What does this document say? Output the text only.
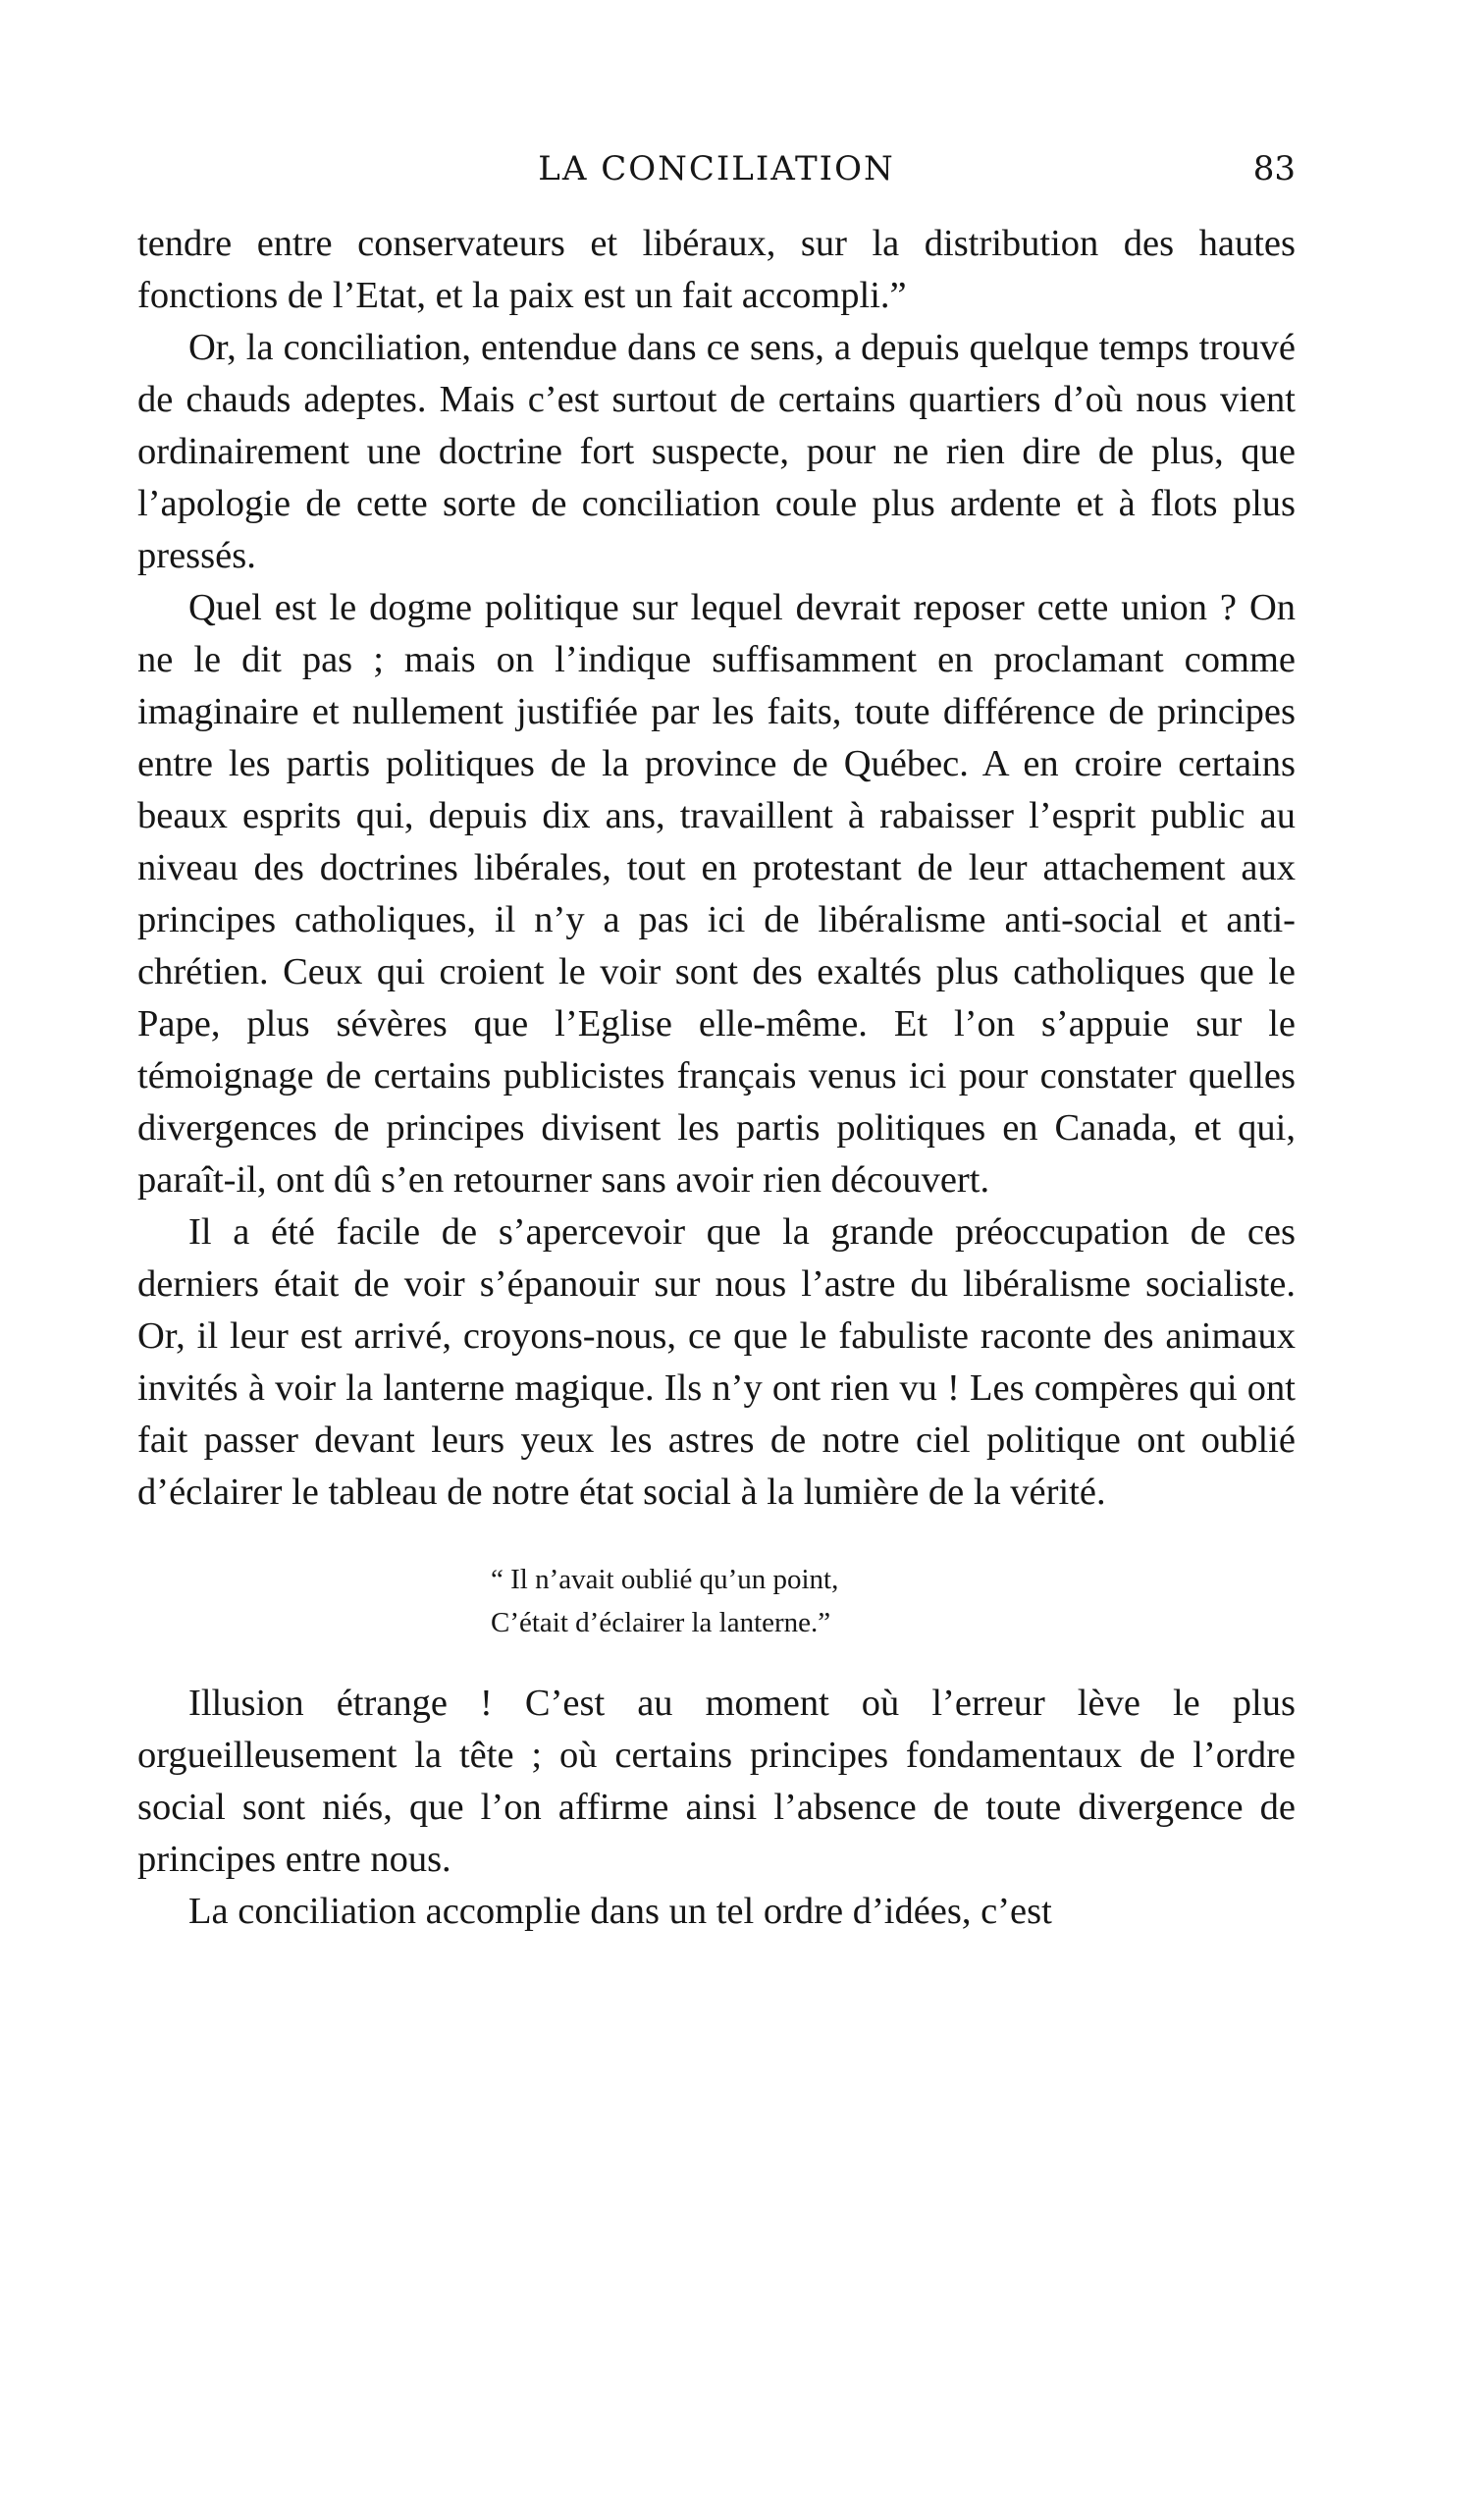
LA CONCILIATION	83

tendre entre conservateurs et libéraux, sur la distribution des hautes fonctions de l’Etat, et la paix est un fait accompli.”

Or, la conciliation, entendue dans ce sens, a depuis quelque temps trouvé de chauds adeptes. Mais c’est surtout de certains quartiers d’où nous vient ordinairement une doctrine fort suspecte, pour ne rien dire de plus, que l’apologie de cette sorte de conciliation coule plus ardente et à flots plus pressés.

Quel est le dogme politique sur lequel devrait reposer cette union ? On ne le dit pas ; mais on l’indique suffisamment en proclamant comme imaginaire et nullement justifiée par les faits, toute différence de principes entre les partis politiques de la province de Québec. A en croire certains beaux esprits qui, depuis dix ans, travaillent à rabaisser l’esprit public au niveau des doctrines libérales, tout en protestant de leur attachement aux principes catholiques, il n’y a pas ici de libéralisme anti-social et anti-chrétien. Ceux qui croient le voir sont des exaltés plus catholiques que le Pape, plus sévères que l’Eglise elle-même. Et l’on s’appuie sur le témoignage de certains publicistes français venus ici pour constater quelles divergences de principes divisent les partis politiques en Canada, et qui, paraît-il, ont dû s’en retourner sans avoir rien découvert.

Il a été facile de s’apercevoir que la grande préoccupation de ces derniers était de voir s’épanouir sur nous l’astre du libéralisme socialiste. Or, il leur est arrivé, croyons-nous, ce que le fabuliste raconte des animaux invités à voir la lanterne magique. Ils n’y ont rien vu ! Les compères qui ont fait passer devant leurs yeux les astres de notre ciel politique ont oublié d’éclairer le tableau de notre état social à la lumière de la vérité.

“ Il n’avait oublié qu’un point,
C’était d’éclairer la lanterne.”

Illusion étrange ! C’est au moment où l’erreur lève le plus orgueilleusement la tête ; où certains principes fondamentaux de l’ordre social sont niés, que l’on affirme ainsi l’absence de toute divergence de principes entre nous.

La conciliation accomplie dans un tel ordre d’idées, c’est
